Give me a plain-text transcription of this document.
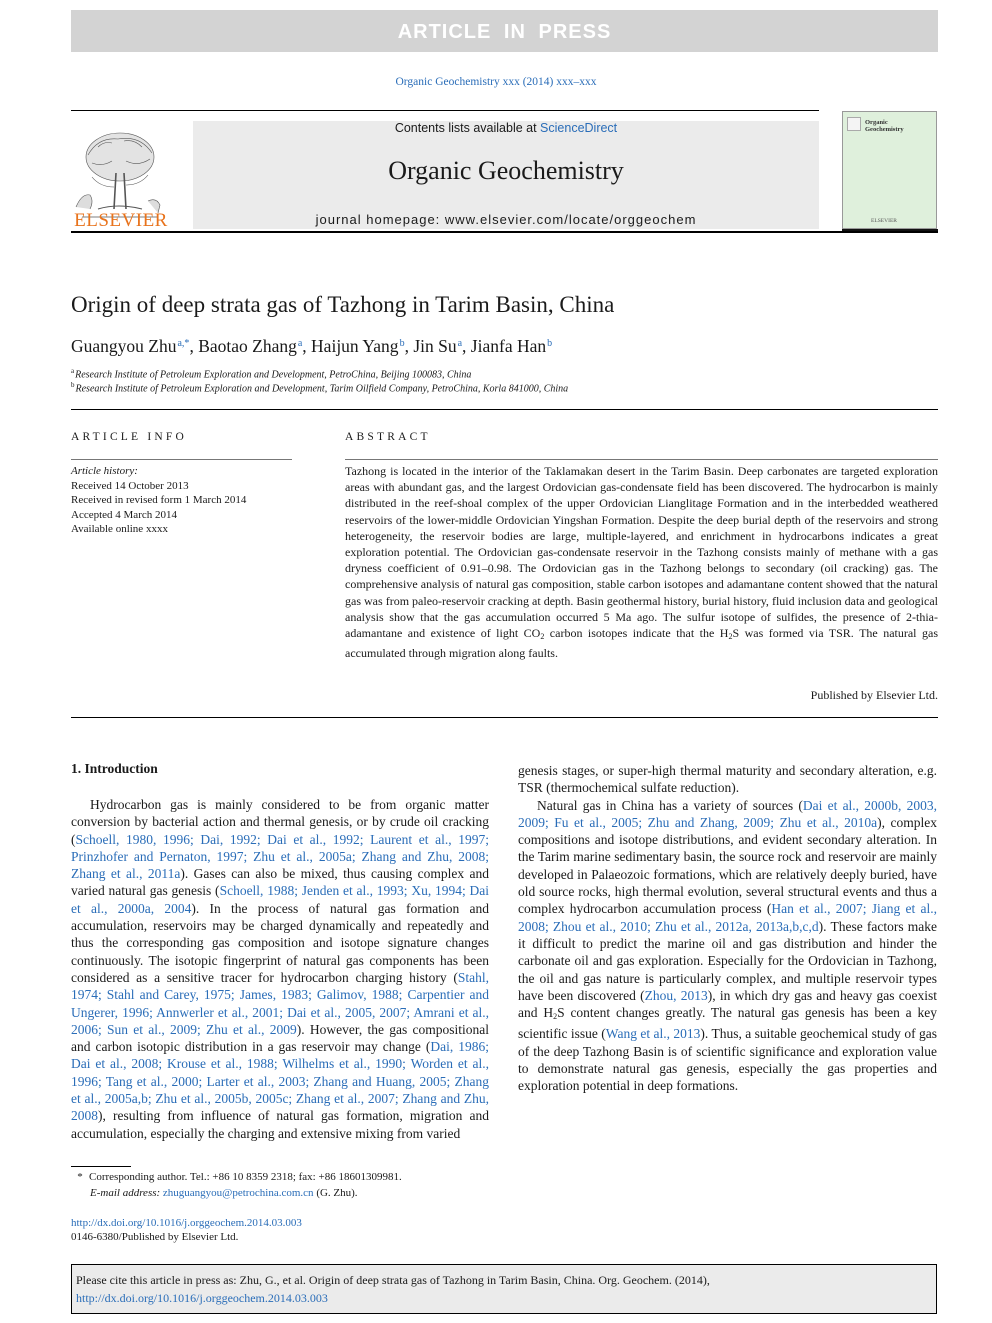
ARTICLE IN PRESS
Organic Geochemistry xxx (2014) xxx–xxx
ELSEVIER
Contents lists available at ScienceDirect
Organic Geochemistry
journal homepage: www.elsevier.com/locate/orggeochem
Organic Geochemistry
ELSEVIER
Origin of deep strata gas of Tazhong in Tarim Basin, China
Guangyou Zhu$^{a,*}$, Baotao Zhang$^a$, Haijun Yang$^b$, Jin Su$^a$, Jianfa Han$^b$
$^a$Research Institute of Petroleum Exploration and Development, PetroChina, Beijing 100083, China
$^b$Research Institute of Petroleum Exploration and Development, Tarim Oilfield Company, PetroChina, Korla 841000, China
ARTICLE INFO
Article history:
Received 14 October 2013
Received in revised form 1 March 2014
Accepted 4 March 2014
Available online xxxx
ABSTRACT

Tazhong is located in the interior of the Taklamakan desert in the Tarim Basin. Deep carbonates are targeted exploration areas with abundant gas, and the largest Ordovician gas-condensate field has been discovered. The hydrocarbon is mainly distributed in the reef-shoal complex of the upper Ordovician Lianglitage Formation and in the interbedded weathered reservoirs of the lower-middle Ordovician Yingshan Formation. Despite the deep burial depth of the reservoirs and strong heterogeneity, the reservoir bodies are large, multiple-layered, and enrichment in hydrocarbons indicates a great exploration potential. The Ordovician gas-condensate reservoir in the Tazhong consists mainly of methane with a gas dryness coefficient of 0.91–0.98. The Ordovician gas in the Tazhong belongs to secondary (oil cracking) gas. The comprehensive analysis of natural gas composition, stable carbon isotopes and adamantane content showed that the natural gas was from paleo-reservoir cracking at depth. Basin geothermal history, burial history, fluid inclusion data and geological analysis show that the gas accumulation occurred 5 Ma ago. The sulfur isotope of sulfides, the presence of 2-thia-adamantane and existence of light $CO_2$ carbon isotopes indicate that the $H_2S$ was formed via TSR. The natural gas accumulated through migration along faults.

Published by Elsevier Ltd.
1. Introduction

Hydrocarbon gas is mainly considered to be from organic matter conversion by bacterial action and thermal genesis, or by crude oil cracking (Schoell, 1980, 1996; Dai, 1992; Dai et al., 1992; Laurent et al., 1997; Prinzhofer and Pernaton, 1997; Zhu et al., 2005a; Zhang and Zhu, 2008; Zhang et al., 2011a). Gases can also be mixed, thus causing complex and varied natural gas genesis (Schoell, 1988; Jenden et al., 1993; Xu, 1994; Dai et al., 2000a, 2004). In the process of natural gas formation and accumulation, reservoirs may be charged dynamically and repeatedly and thus the corresponding gas composition and isotope signature changes continuously. The isotopic fingerprint of natural gas components has been considered as a sensitive tracer for hydrocarbon charging history (Stahl, 1974; Stahl and Carey, 1975; James, 1983; Galimov, 1988; Carpentier and Ungerer, 1996; Annwerler et al., 2001; Dai et al., 2005, 2007; Amrani et al., 2006; Sun et al., 2009; Zhu et al., 2009). However, the gas compositional and carbon isotopic distribution in a gas reservoir may change (Dai, 1986; Dai et al., 2008; Krouse et al., 1988; Wilhelms et al., 1990; Worden et al., 1996; Tang et al., 2000; Larter et al., 2003; Zhang and Huang, 2005; Zhang et al., 2005a,b; Zhu et al., 2005b, 2005c; Zhang et al., 2007; Zhang and Zhu, 2008), resulting from influence of natural gas formation, migration and accumulation, especially the charging and extensive mixing from varied

* Corresponding author. Tel.: +86 10 8359 2318; fax: +86 18601309981.
E-mail address: zhuguangyou@petrochina.com.cn (G. Zhu).
http://dx.doi.org/10.1016/j.orggeochem.2014.03.003
0146-6380/Published by Elsevier Ltd.
Please cite this article in press as: Zhu, G., et al. Origin of deep strata gas of Tazhong in Tarim Basin, China. Org. Geochem. (2014), http://dx.doi.org/10.1016/j.orggeochem.2014.03.003

genesis stages, or super-high thermal maturity and secondary alteration, e.g. TSR (thermochemical sulfate reduction).

Natural gas in China has a variety of sources (Dai et al., 2000b, 2003, 2009; Fu et al., 2005; Zhu and Zhang, 2009; Zhu et al., 2010a), complex compositions and isotope distributions, and evident secondary alteration. In the Tarim marine sedimentary basin, the source rock and reservoir are mainly developed in Palaeozoic formations, which are relatively deeply buried, have old source rocks, high thermal evolution, several structural events and thus a complex hydrocarbon accumulation process (Han et al., 2007; Jiang et al., 2008; Zhou et al., 2010; Zhu et al., 2012a, 2013a,b,c,d). These factors make it difficult to predict the marine oil and gas distribution and hinder the carbonate oil and gas exploration. Especially for the Ordovician in Tazhong, the oil and gas nature is particularly complex, and multiple reservoir types have been discovered (Zhou, 2013), in which dry gas and heavy gas coexist and $H_2S$ content changes greatly. The natural gas genesis has been a key scientific issue (Wang et al., 2013). Thus, a suitable geochemical study of gas of the deep Tazhong Basin is of scientific significance and exploration value to demonstrate natural gas genesis, especially the gas properties and exploration potential in deep formations.
